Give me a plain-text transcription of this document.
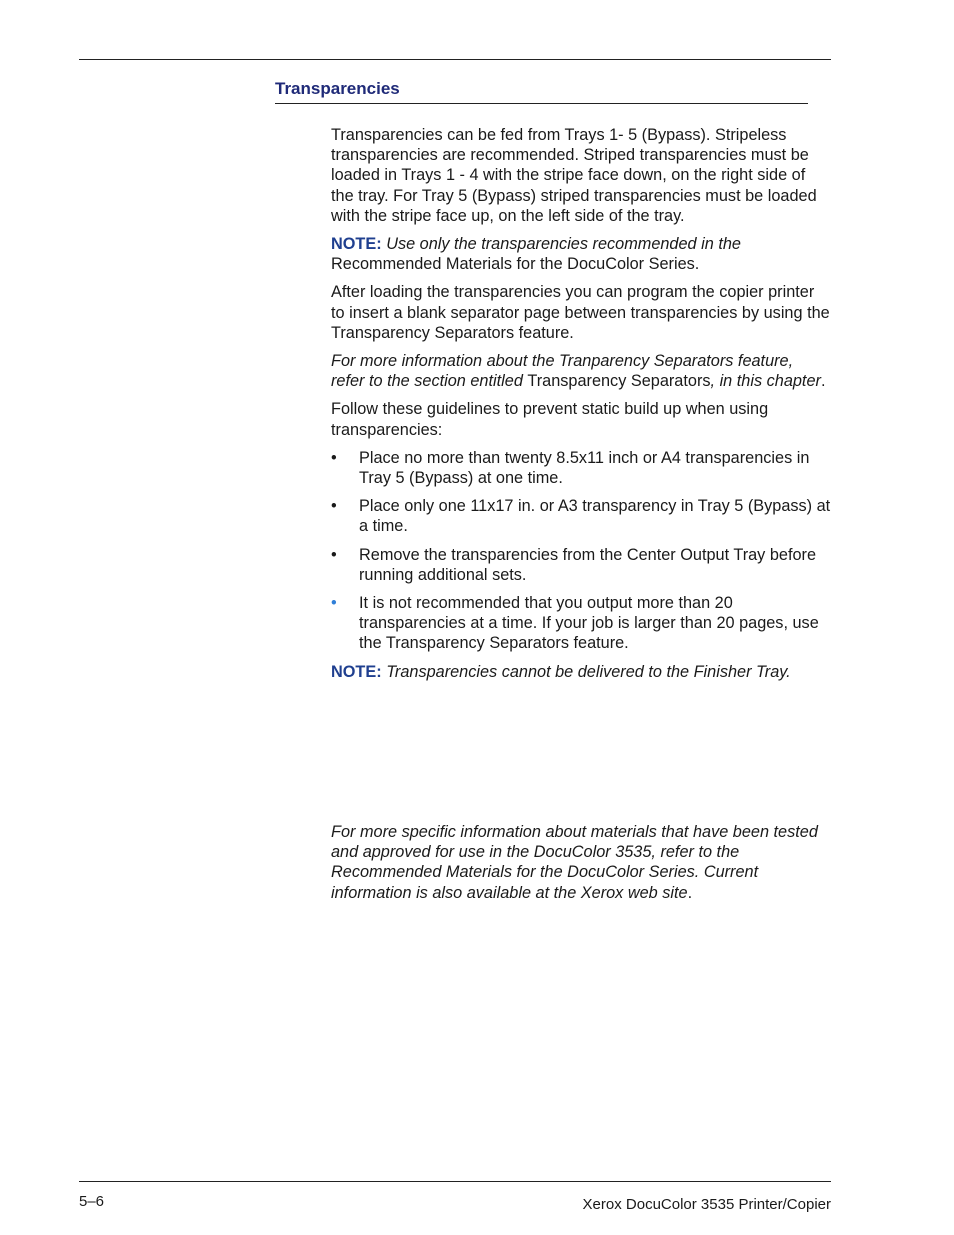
Transparencies

Transparencies can be fed from Trays 1- 5 (Bypass). Stripeless transparencies are recommended. Striped transparencies must be loaded in Trays 1 - 4 with the stripe face down, on the right side of the tray. For Tray 5 (Bypass) striped transparencies must be loaded with the stripe face up, on the left side of the tray.

NOTE: Use only the transparencies recommended in the Recommended Materials for the DocuColor Series.

After loading the transparencies you can program the copier printer to insert a blank separator page between transparencies by using the Transparency Separators feature.

For more information about the Tranparency Separators feature, refer to the section entitled Transparency Separators, in this chapter.

Follow these guidelines to prevent static build up when using transparencies:

• Place no more than twenty 8.5x11 inch or A4 transparencies in Tray 5 (Bypass) at one time.
• Place only one 11x17 in. or A3 transparency in Tray 5 (Bypass) at a time.
• Remove the transparencies from the Center Output Tray before running additional sets.
• It is not recommended that you output more than 20 transparencies at a time. If your job is larger than 20 pages, use the Transparency Separators feature.

NOTE: Transparencies cannot be delivered to the Finisher Tray.

For more specific information about materials that have been tested and approved for use in the DocuColor 3535, refer to the Recommended Materials for the DocuColor Series. Current information is also available at the Xerox web site.

5–6	Xerox DocuColor 3535 Printer/Copier
